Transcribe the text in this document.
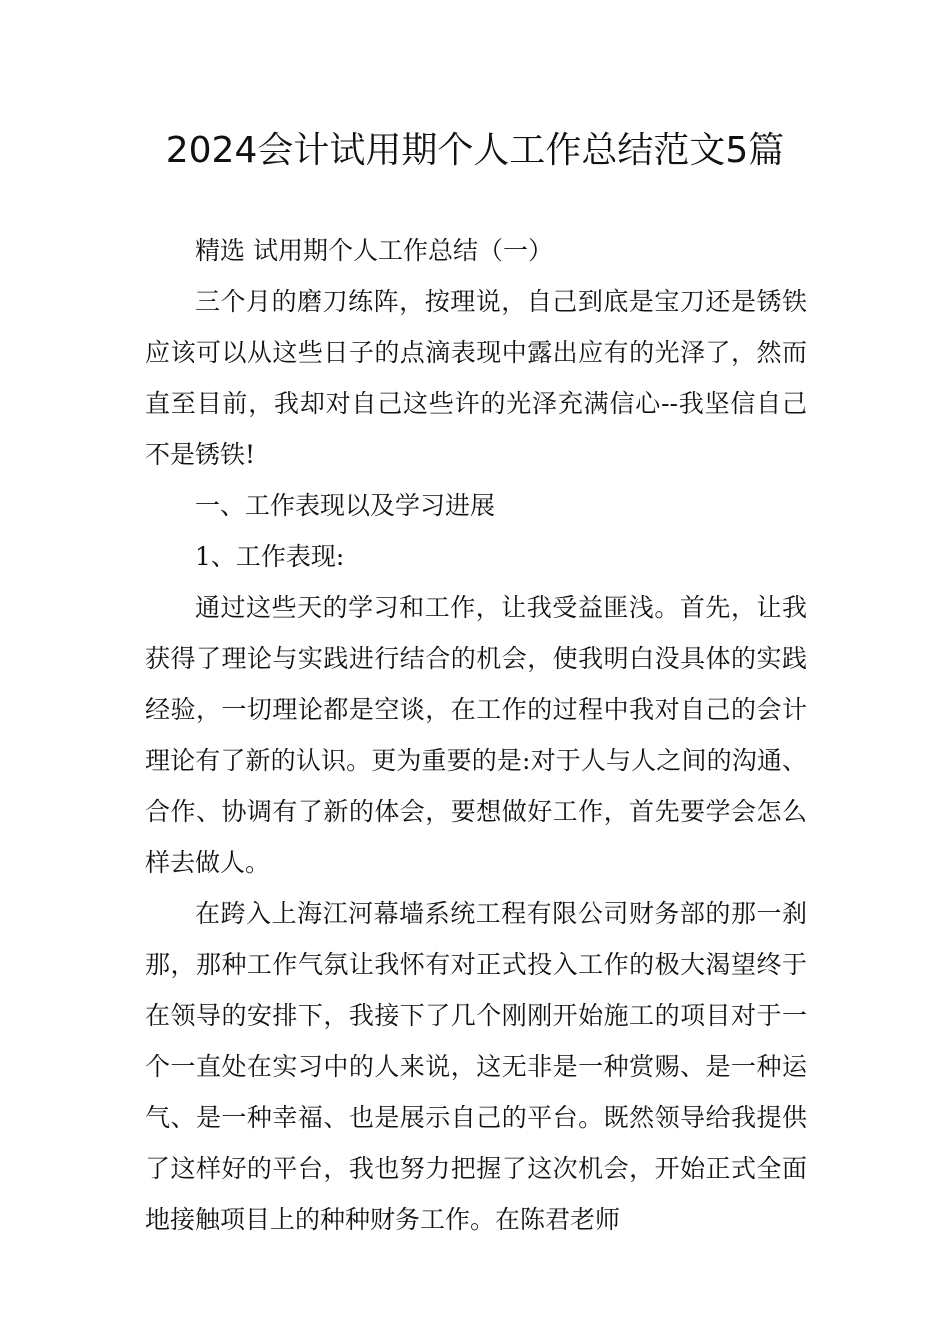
2024会计试用期个人工作总结范文5篇

精选 试用期个人工作总结（一）

三个月的磨刀练阵，按理说，自己到底是宝刀还是锈铁应该可以从这些日子的点滴表现中露出应有的光泽了，然而直至目前，我却对自己这些许的光泽充满信心--我坚信自己不是锈铁!

一、工作表现以及学习进展

1、工作表现:

通过这些天的学习和工作，让我受益匪浅。首先，让我获得了理论与实践进行结合的机会，使我明白没具体的实践经验，一切理论都是空谈，在工作的过程中我对自己的会计理论有了新的认识。更为重要的是:对于人与人之间的沟通、合作、协调有了新的体会，要想做好工作，首先要学会怎么样去做人。

在跨入上海江河幕墙系统工程有限公司财务部的那一刹那，那种工作气氛让我怀有对正式投入工作的极大渴望终于在领导的安排下，我接下了几个刚刚开始施工的项目对于一个一直处在实习中的人来说，这无非是一种赏赐、是一种运气、是一种幸福、也是展示自己的平台。既然领导给我提供了这样好的平台，我也努力把握了这次机会，开始正式全面地接触项目上的种种财务工作。在陈君老师
